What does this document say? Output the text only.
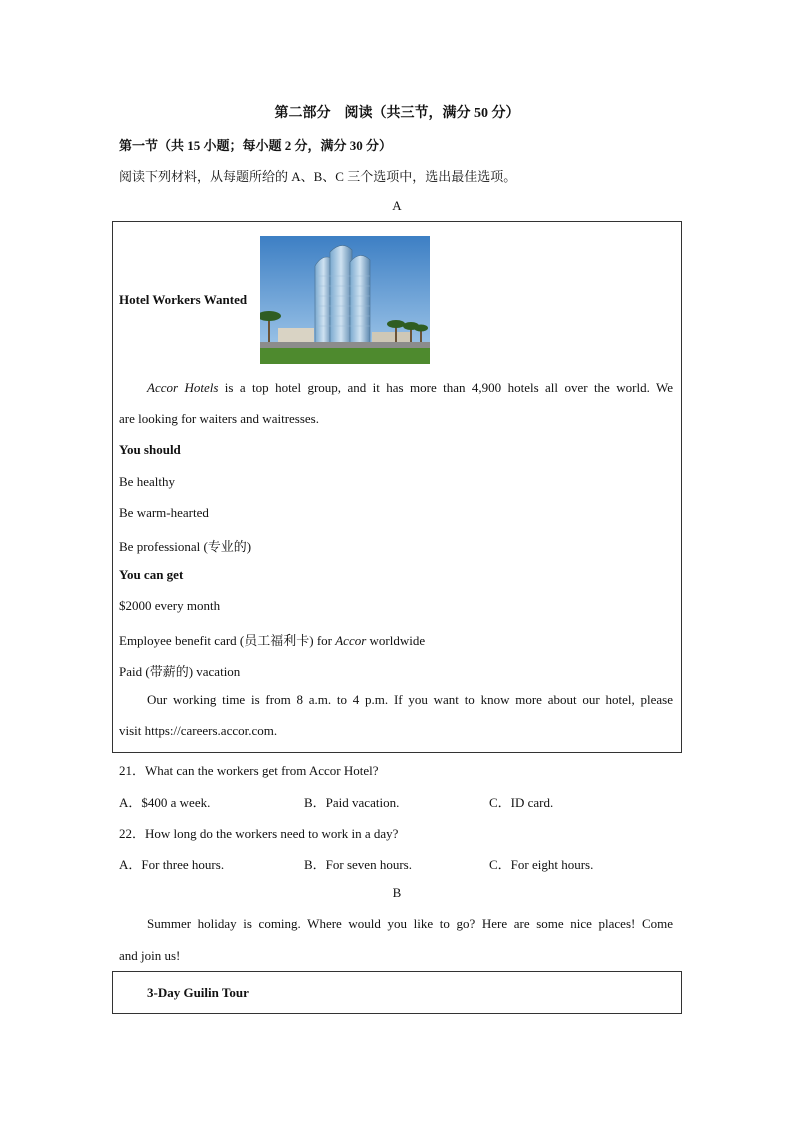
第二部分　阅读（共三节，满分 50 分）
第一节（共 15 小题；每小题 2 分，满分 30 分）
阅读下列材料，从每题所给的 A、B、C 三个选项中，选出最佳选项。
A
Hotel Workers Wanted
Accor Hotels is a top hotel group, and it has more than 4,900 hotels all over the world. We
are looking for waiters and waitresses.
You should
Be healthy
Be warm-hearted
Be professional (专业的)
You can get
$2000 every month
Employee benefit card (员工福利卡) for Accor worldwide
Paid (带薪的) vacation
Our working time is from 8 a.m. to 4 p.m. If you want to know more about our hotel, please
visit https://careers.accor.com.
21．What can the workers get from Accor Hotel?
A．$400 a week.	B．Paid vacation.	C．ID card.
22．How long do the workers need to work in a day?
A．For three hours.	B．For seven hours.	C．For eight hours.
B
Summer holiday is coming. Where would you like to go? Here are some nice places! Come
and join us!
3-Day Guilin Tour
